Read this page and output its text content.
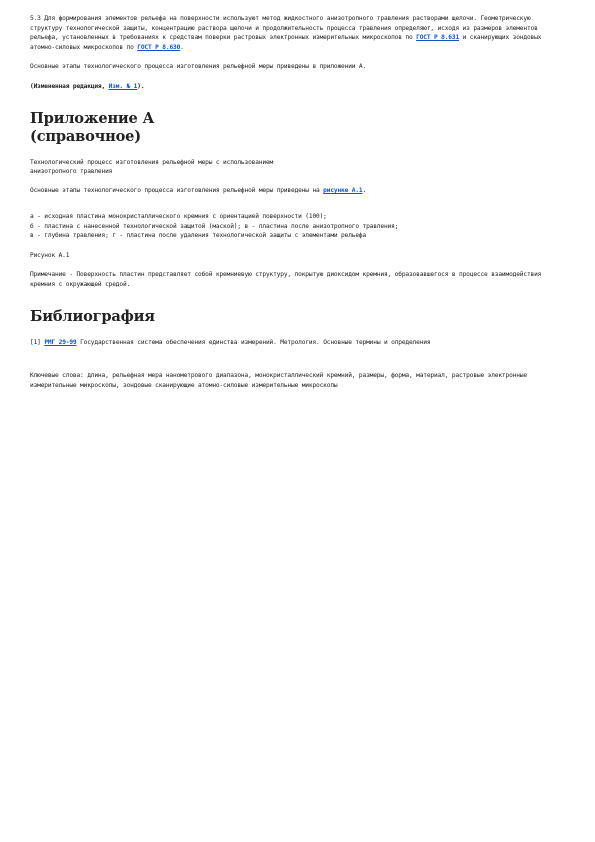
5.3 Для формирования элементов рельефа на поверхности используют метод жидкостного анизотропного травления растворами щелочи. Геометрическую структуру технологической защиты, концентрацию раствора щелочи и продолжительность процесса травления определяют, исходя из размеров элементов рельефа, установленных в требованиях к средствам поверки растровых электронных измерительных микроскопов по ГОСТ Р 8.631 и сканирующих зондовых атомно-силовых микроскопов по ГОСТ Р 8.630.

Основные этапы технологического процесса изготовления рельефной меры приведены в приложении А.

(Измененная редакция, Изм. № 1).

Приложение А
(справочное)
Технологический процесс изготовления рельефной меры с использованием
анизотропного травления

Основные этапы технологического процесса изготовления рельефной меры приведены на рисунке А.1.

а - исходная пластина монокристаллического кремния с ориентацией поверхности (100);

б - пластина с нанесенной технологической защитой (маской); в - пластина после анизотропного травления;

в - глубина травления; г - пластина после удаления технологической защиты с элементами рельефа

Рисунок А.1

Примечание - Поверхность пластин представляет собой кремниевую структуру, покрытую диоксидом кремния, образовавшегося в процессе взаимодействия кремния с окружающей средой.

Библиография

[1] РМГ 29-99 Государственная система обеспечения единства измерений. Метрология. Основные термины и определения

Ключевые слова: длина, рельефная мера нанометрового диапазона, монокристаллический кремний, размеры, форма, материал, растровые электронные измерительные микроскопы, зондовые сканирующие атомно-силовые измерительные микроскопы
